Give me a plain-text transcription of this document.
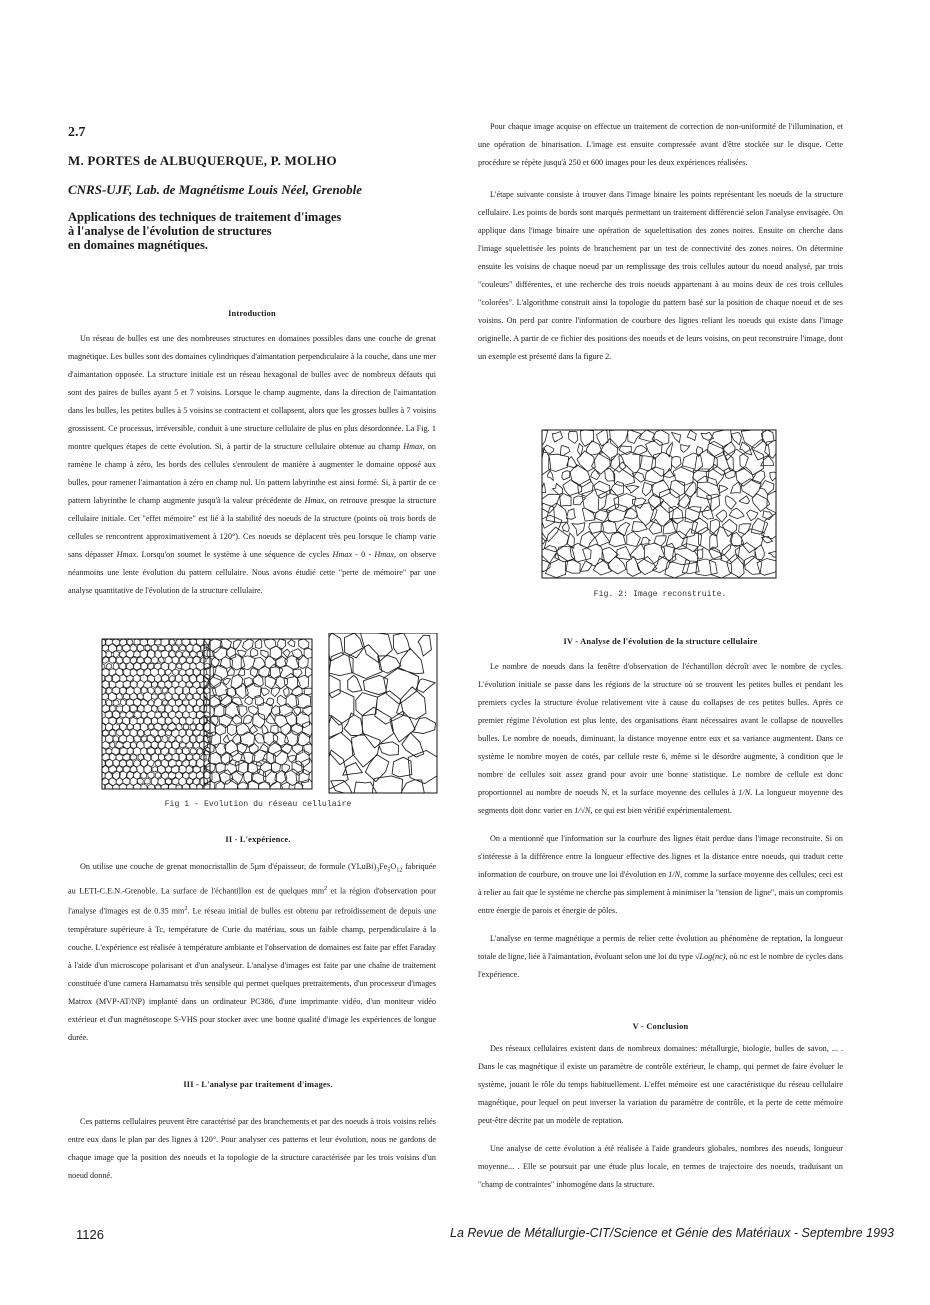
2.7
M. PORTES de ALBUQUERQUE, P. MOLHO
CNRS-UJF, Lab. de Magnétisme Louis Néel, Grenoble
Applications des techniques de traitement d'images
à l'analyse de l'évolution de structures
en domaines magnétiques.
Introduction

Un réseau de bulles est une des nombreuses structures en domaines possibles dans une couche de grenat magnétique. Les bulles sont des domaines cylindriques d'aimantation perpendiculaire à la couche, dans une mer d'aimantation opposée. La structure initiale est un réseau hexagonal de bulles avec de nombreux défauts qui sont des paires de bulles ayant 5 et 7 voisins. Lorsque le champ augmente, dans la direction de l'aimantation dans les bulles, les petites bulles à 5 voisins se contractent et collapsent, alors que les grosses bulles à 7 voisins grossissent. Ce processus, irréversible, conduit à une structure cellulaire de plus en plus désordonnée. La Fig. 1 montre quelques étapes de cette évolution. Si, à partir de la structure cellulaire obtenue au champ Hmax, on ramène le champ à zéro, les bords des cellules s'enroulent de manière à augmenter le domaine opposé aux bulles, pour ramener l'aimantation à zéro en champ nul. Un pattern labyrinthe est ainsi formé. Si, à partir de ce pattern labyrinthe le champ augmente jusqu'à la valeur précédente de Hmax, on retrouve presque la structure cellulaire initiale. Cet "effet mémoire" est lié à la stabilité des noeuds de la structure (points où trois bords de cellules se rencontrent approximativement à 120°). Ces noeuds se déplacent très peu lorsque le champ varie sans dépasser Hmax. Lorsqu'on soumet le système à une séquence de cycles Hmax - 0 - Hmax, on observe néanmoins une lente évolution du pattern cellulaire. Nous avons étudié cette "perte de mémoire" par une analyse quantitative de l'évolution de la structure cellulaire.

Fig 1 - Evolution du réseau cellulaire
II - L'expérience.

On utilise une couche de grenat monocristallin de 5µm d'épaisseur, de formule $(YLuBi)_3Fe_5O_{12}$ fabriquée au LETI-C.E.N.-Grenoble. La surface de l'échantillon est de quelques $mm^2$ et la région d'observation pour l'analyse d'images est de 0.35 $mm^2$. Le réseau initial de bulles est obtenu par refroidissement de depuis une température supérieure à Tc, température de Curie du matériau, sous un faible champ, perpendiculaire à la couche. L'expérience est réalisée à température ambiante et l'observation de domaines est faite par effet Faraday à l'aide d'un microscope polarisant et d'un analyseur. L'analyse d'images est faite par une chaîne de traitement constituée d'une camera Hamamatsu très sensible qui permet quelques pretraitements, d'un processeur d'images Matrox (MVP-AT/NP) implanté dans un ordinateur PC386, d'une imprimante vidéo, d'un moniteur vidéo extérieur et d'un magnétoscope S-VHS pour stocker avec une bonne qualité d'image les expériences de longue durée.

III - L'analyse par traitement d'images.

Ces patterns cellulaires peuvent être caractérisé par des branchements et par des noeuds à trois voisins reliés entre eux dans le plan par des lignes à 120°. Pour analyser ces patterns et leur évolution, nous ne gardons de chaque image que la position des noeuds et la topologie de la structure caractérisée par les trois voisins d'un noeud donné.

Pour chaque image acquise on effectue un traitement de correction de non-uniformité de l'illumination, et une opération de binarisation. L'image est ensuite compressée avant d'être stockée sur le disque. Cette procédure se répète jusqu'à 250 et 600 images pour les deux expériences réalisées.

L'étape suivante consiste à trouver dans l'image binaire les points représentant les noeuds de la structure cellulaire. Les points de bords sont marqués permettant un traitement différencié selon l'analyse envisagée. On applique dans l'image binaire une opération de squelettisation des zones noires. Ensuite on cherche dans l'image squelettisée les points de branchement par un test de connectivité des zones noires. On détermine ensuite les voisins de chaque noeud par un remplissage des trois cellules autour du noeud analysé, par trois "couleurs" différentes, et une recherche des trois noeuds appartenant à au moins deux de ces trois cellules "colorées". L'algorithme construit ainsi la topologie du pattern basé sur la position de chaque noeud et de ses voisins. On perd par contre l'information de courbure des lignes reliant les noeuds qui existe dans l'image originelle. A partir de ce fichier des positions des noeuds et de leurs voisins, on peut reconstruire l'image, dont un exemple est présenté dans la figure 2.

Fig. 2: Image reconstruite.
IV - Analyse de l'évolution de la structure cellulaire

Le nombre de noeuds dans la fenêtre d'observation de l'échantillon décroît avec le nombre de cycles. L'évolution initiale se passe dans les régions de la structure où se trouvent les petites bulles et pendant les premiers cycles la structure évolue relativement vite à cause du collapses de ces petites bulles. Après ce premier régime l'évolution est plus lente, des organisations étant nécessaires avant le collapse de nouvelles bulles. Le nombre de noeuds, diminuant, la distance moyenne entre eux et sa variance augmentent. Dans ce système le nombre moyen de cotés, par cellule reste 6, même si le désordre augmente, à condition que le nombre de cellules soit assez grand pour avoir une bonne statistique. Le nombre de cellule est donc proportionnel au nombre de noeuds N, et la surface moyenne des cellules à 1/N. La longueur moyenne des segments doit donc varier en 1/√N, ce qui est bien vérifié expérimentalement.

On a mentionné que l'information sur la courbure des lignes était perdue dans l'image reconstruite. Si on s'intéresse à la différence entre la longueur effective des lignes et la distance entre noeuds, qui traduit cette information de courbure, on trouve une loi d'évolution en 1/N, comme la surface moyenne des cellules; ceci est à relier au fait que le système ne cherche pas simplement à minimiser la "tension de ligne", mais un compromis entre énergie de parois et énergie de pôles.

L'analyse en terme magnétique a permis de relier cette évolution au phénomène de reptation, la longueur totale de ligne, liée à l'aimantation, évoluant selon une loi du type √Log(nc), où nc est le nombre de cycles dans l'expérience.

V - Conclusion

Des réseaux cellulaires existent dans de nombreux domaines: métallurgie, biologie, bulles de savon, ... . Dans le cas magnétique il existe un paramètre de contrôle extérieur, le champ, qui permet de faire évoluer le système, jouant le rôle du temps habituellement. L'effet mémoire est une caractéristique du réseau cellulaire magnétique, pour lequel on peut inverser la variation du paramètre de contrôle, et la perte de cette mémoire peut-être décrite par un modèle de reptation.

Une analyse de cette évolution a été réalisée à l'aide grandeurs globales, nombres des noeuds, longueur moyenne... . Elle se poursuit par une étude plus locale, en termes de trajectoire des noeuds, traduisant un "champ de contraintes" inhomogène dans la structure.

1126	La Revue de Métallurgie-CIT/Science et Génie des Matériaux - Septembre 1993
